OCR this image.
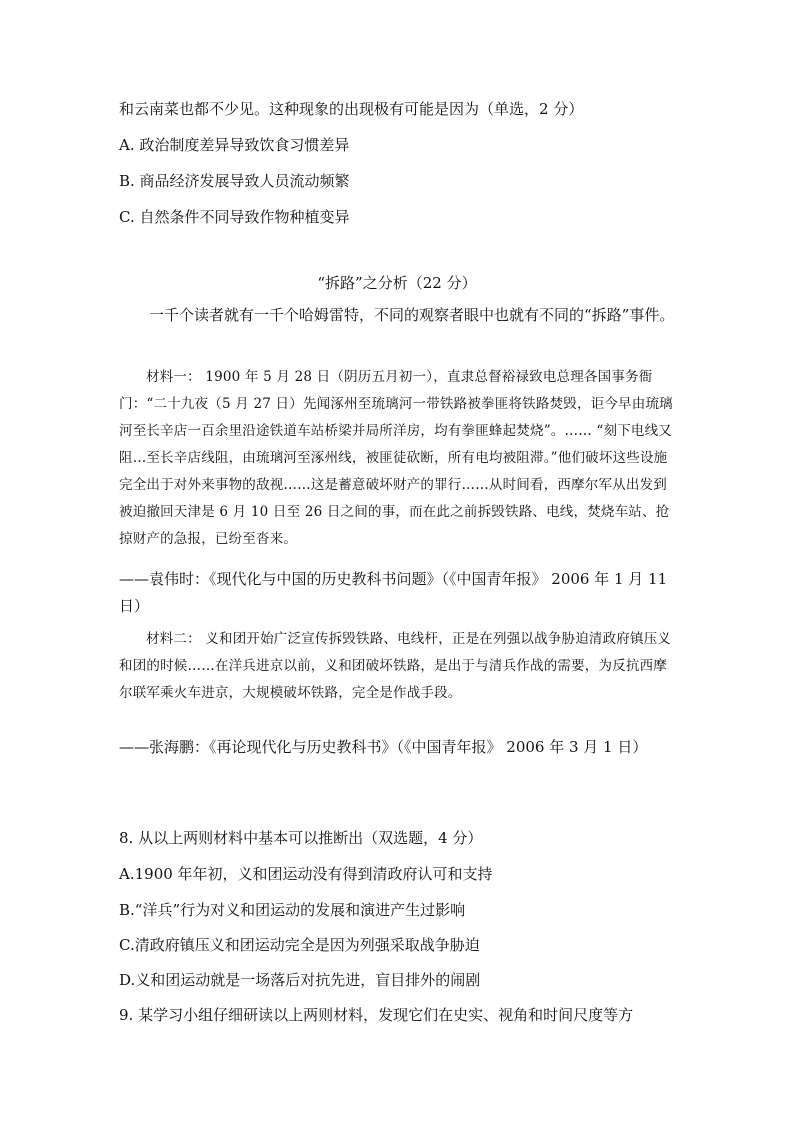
和云南菜也都不少见。这种现象的出现极有可能是因为（单选，2 分）
A. 政治制度差异导致饮食习惯差异
B. 商品经济发展导致人员流动频繁
C. 自然条件不同导致作物种植变异
“拆路”之分析（22 分）
一千个读者就有一千个哈姆雷特，不同的观察者眼中也就有不同的“拆路”事件。
材料一： 1900 年 5 月 28 日（阴历五月初一），直隶总督裕禄致电总理各国事务衙门：“二十九夜（5 月 27 日）先闻涿州至琉璃河一带铁路被拳匪将铁路焚毁，讵今早由琉璃河至长辛店一百余里沿途铁道车站桥梁并局所洋房，均有拳匪蜂起焚烧”。…… “刻下电线又阻…至长辛店线阻，由琉璃河至涿州线，被匪徒砍断，所有电均被阻滞。”他们破坏这些设施完全出于对外来事物的敌视……这是蓄意破坏财产的罪行……从时间看，西摩尔军从出发到被迫撤回天津是 6 月 10 日至 26 日之间的事，而在此之前拆毁铁路、电线，焚烧车站、抢掠财产的急报，已纷至沓来。
——袁伟时：《现代化与中国的历史教科书问题》（《中国青年报》 2006 年 1 月 11 日）
材料二： 义和团开始广泛宣传拆毁铁路、电线杆，正是在列强以战争胁迫清政府镇压义和团的时候……在洋兵进京以前，义和团破坏铁路，是出于与清兵作战的需要，为反抗西摩尔联军乘火车进京，大规模破坏铁路，完全是作战手段。
——张海鹏：《再论现代化与历史教科书》（《中国青年报》 2006 年 3 月 1 日）
8. 从以上两则材料中基本可以推断出（双选题，4 分）
A.1900 年年初，义和团运动没有得到清政府认可和支持
B.“洋兵”行为对义和团运动的发展和演进产生过影响
C.清政府镇压义和团运动完全是因为列强采取战争胁迫
D.义和团运动就是一场落后对抗先进，盲目排外的闹剧
9. 某学习小组仔细研读以上两则材料，发现它们在史实、视角和时间尺度等方
